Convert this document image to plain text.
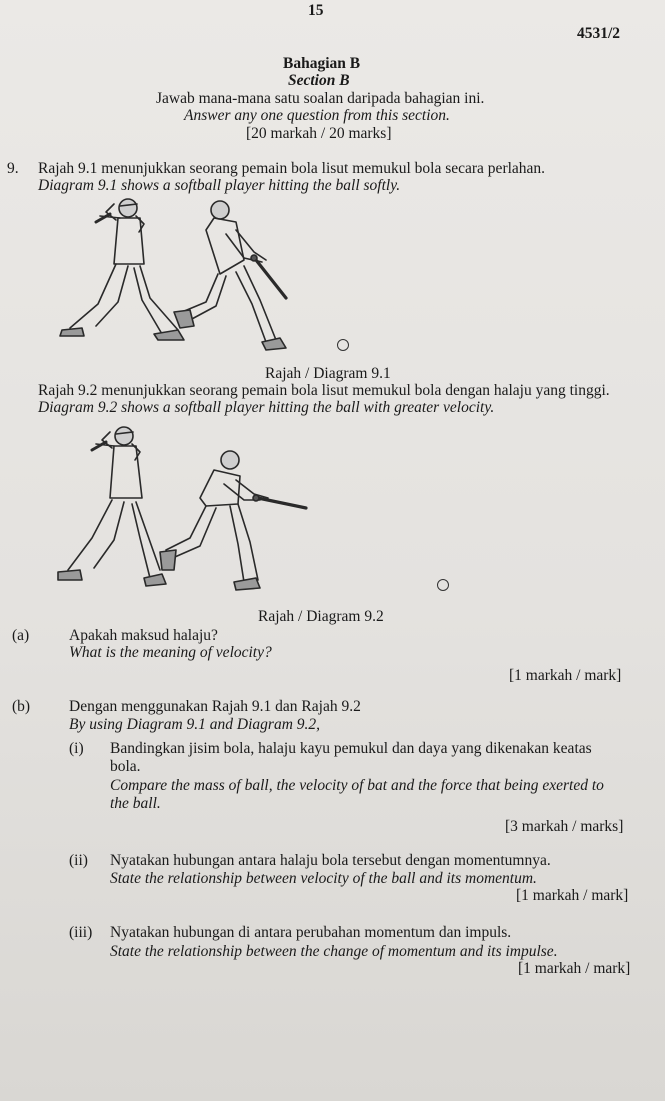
15
4531/2
Bahagian B
Section B
Jawab mana-mana satu soalan daripada bahagian ini.
Answer any one question from this section.
[20 markah / 20 marks]
9. Rajah 9.1 menunjukkan seorang pemain bola lisut memukul bola secara perlahan.
Diagram 9.1 shows a softball player hitting the ball softly.
Rajah / Diagram 9.1
Rajah 9.2 menunjukkan seorang pemain bola lisut memukul bola dengan halaju yang tinggi.
Diagram 9.2 shows a softball player hitting the ball with greater velocity.
Rajah / Diagram 9.2
(a)	Apakah maksud halaju?
What is the meaning of velocity?
[1 markah / mark]
(b)	Dengan menggunakan Rajah 9.1 dan Rajah 9.2
By using Diagram 9.1 and Diagram 9.2,
(i) Bandingkan jisim bola, halaju kayu pemukul dan daya yang dikenakan keatas
bola.
Compare the mass of ball, the velocity of bat and the force that being exerted to
the ball.
[3 markah / marks]
(ii) Nyatakan hubungan antara halaju bola tersebut dengan momentumnya.
State the relationship between velocity of the ball and its momentum.
[1 markah / mark]
(iii) Nyatakan hubungan di antara perubahan momentum dan impuls.
State the relationship between the change of momentum and its impulse.
[1 markah / mark]
